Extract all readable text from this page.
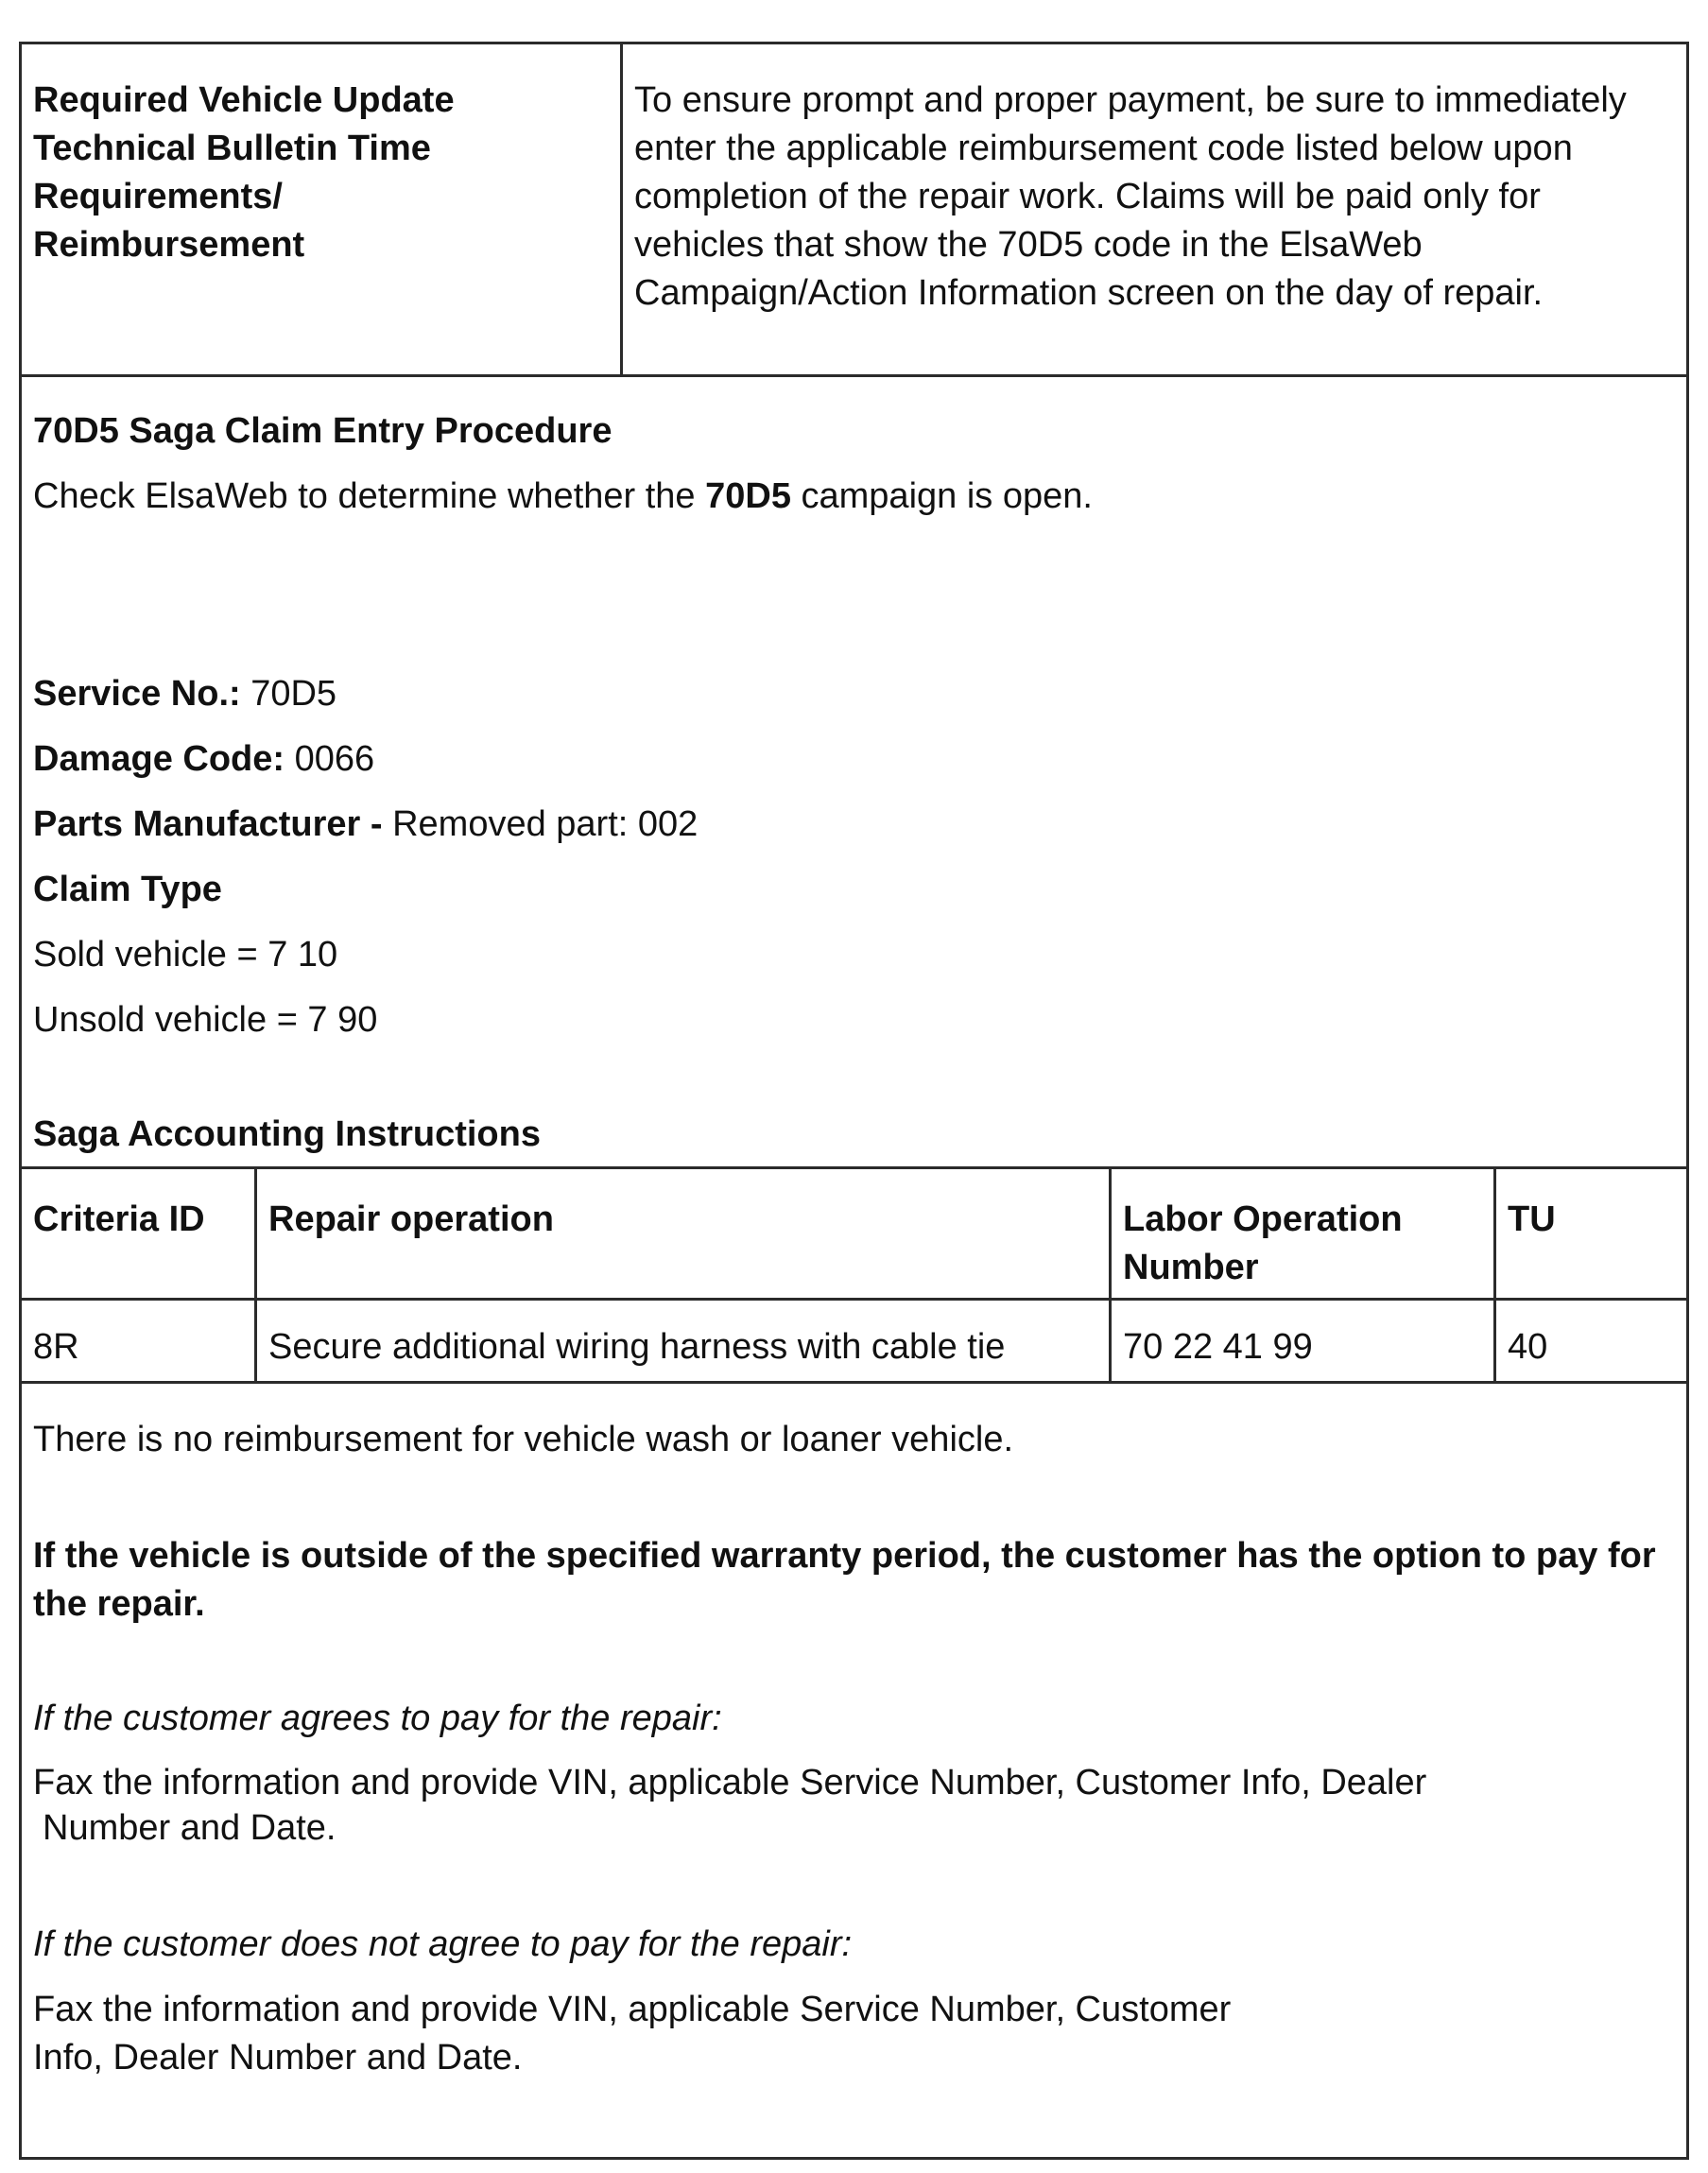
Required Vehicle Update
Technical Bulletin Time
Requirements/
Reimbursement
To ensure prompt and proper payment, be sure to immediately enter the applicable reimbursement code listed below upon completion of the repair work. Claims will be paid only for vehicles that show the 70D5 code in the ElsaWeb Campaign/Action Information screen on the day of repair.

70D5 Saga Claim Entry Procedure

Check ElsaWeb to determine whether the 70D5 campaign is open.

Service No.: 70D5

Damage Code: 0066

Parts Manufacturer - Removed part: 002

Claim Type

Sold vehicle = 7 10

Unsold vehicle = 7 90

Saga Accounting Instructions

Criteria ID	Repair operation	Labor Operation Number	TU
8R	Secure additional wiring harness with cable tie	70 22 41 99	40

There is no reimbursement for vehicle wash or loaner vehicle.

If the vehicle is outside of the specified warranty period, the customer has the option to pay for the repair.

If the customer agrees to pay for the repair:

Fax the information and provide VIN, applicable Service Number, Customer Info, Dealer
Number and Date.

If the customer does not agree to pay for the repair:

Fax the information and provide VIN, applicable Service Number, Customer
Info, Dealer Number and Date.
